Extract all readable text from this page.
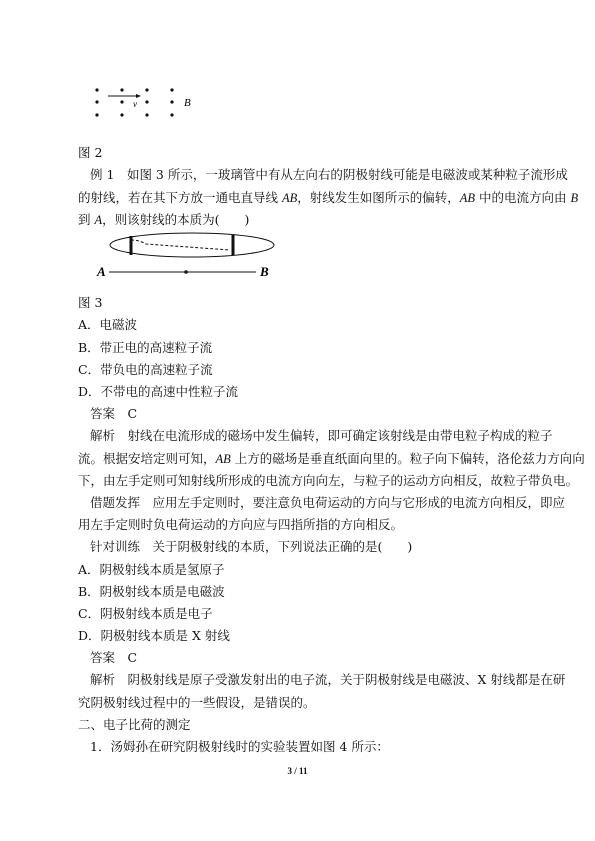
v	B
图 2
例 1　 如图 3 所示，一玻璃管中有从左向右的阴极射线可能是电磁波或某种粒子流形成
的射线，若在其下方放一通电直导线 AB，射线发生如图所示的偏转，AB 中的电流方向由 B
到 A，则该射线的本质为(　　)
A	B
图 3
A．电磁波
B．带正电的高速粒子流
C．带负电的高速粒子流
D．不带电的高速中性粒子流
答案　C
解析　射线在电流形成的磁场中发生偏转，即可确定该射线是由带电粒子构成的粒子
流。根据安培定则可知，AB 上方的磁场是垂直纸面向里的。粒子向下偏转，洛伦兹力方向向
下，由左手定则可知射线所形成的电流方向向左，与粒子的运动方向相反，故粒子带负电。
借题发挥　应用左手定则时，要注意负电荷运动的方向与它形成的电流方向相反，即应
用左手定则时负电荷运动的方向应与四指所指的方向相反。
针对训练　关于阴极射线的本质，下列说法正确的是(　　)
A．阴极射线本质是氢原子
B．阴极射线本质是电磁波
C．阴极射线本质是电子
D．阴极射线本质是 X 射线
答案　C
解析　阴极射线是原子受激发射出的电子流，关于阴极射线是电磁波、X 射线都是在研
究阴极射线过程中的一些假设，是错误的。
二、电子比荷的测定
1．汤姆孙在研究阴极射线时的实验装置如图 4 所示：
3 / 11
